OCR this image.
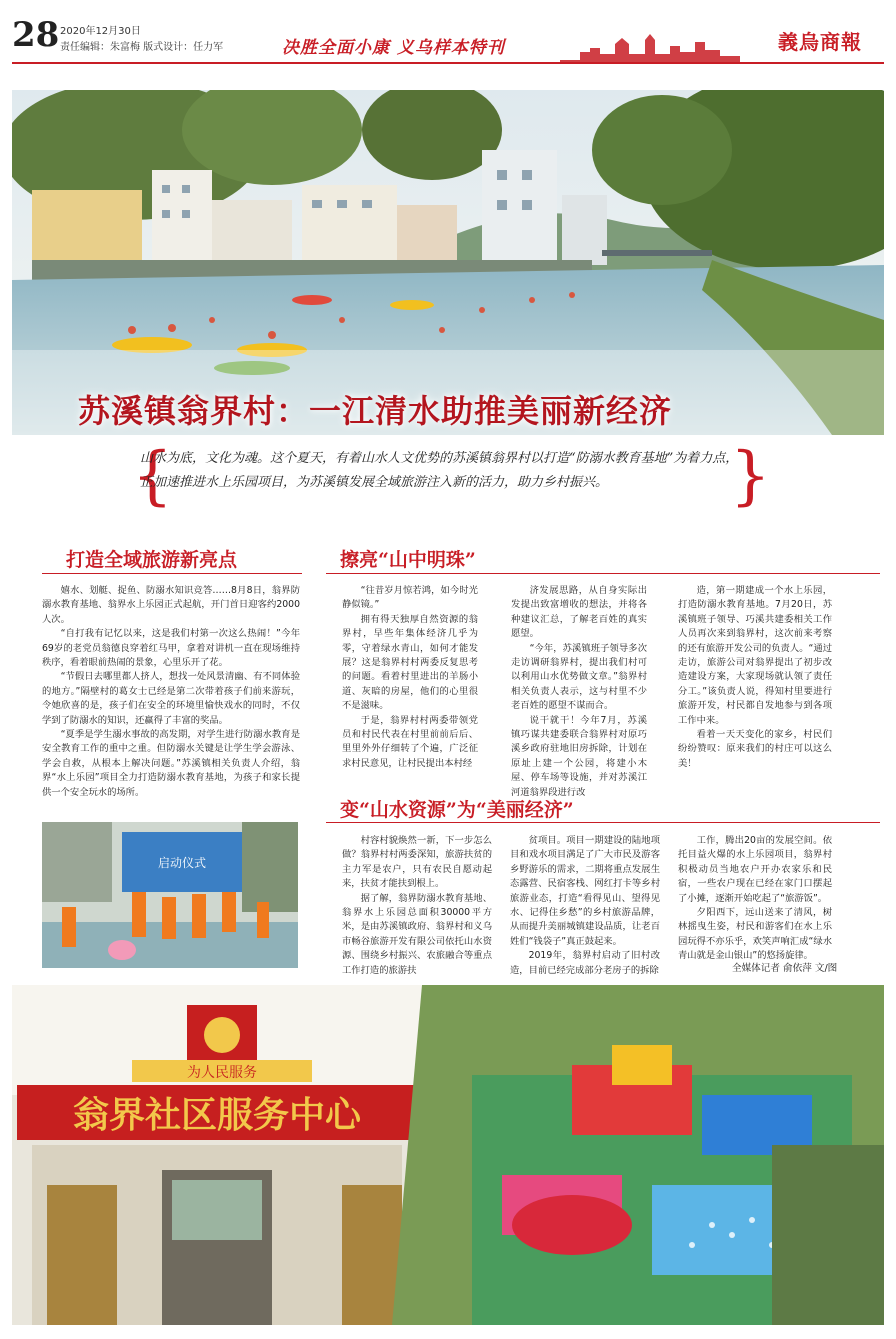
28 2020年12月30日
责任编辑：朱富梅 版式设计：任力军	决胜全面小康 义乌样本特刊	義烏商報
苏溪镇翁界村：一江清水助推美丽新经济
{	}
山水为底，文化为魂。这个夏天，有着山水人文优势的苏溪镇翁界村以打造“防溺水教育基地”为着力点，正加速推进水上乐园项目，为苏溪镇发展全域旅游注入新的活力，助力乡村振兴。
打造全域旅游新亮点

嬉水、划艇、捉鱼、防溺水知识竞答……8月8日，翁界防溺水教育基地、翁界水上乐园正式起航，开门首日迎客约2000人次。

“自打我有记忆以来，这是我们村第一次这么热闹！”今年69岁的老党员翁德良穿着红马甲，拿着对讲机一直在现场维持秩序，看着眼前热闹的景象，心里乐开了花。

“节假日去哪里都人挤人，想找一处风景清幽、有不同体验的地方。”隔壁村的葛女士已经是第二次带着孩子们前来游玩，令她欣喜的是，孩子们在安全的环境里愉快戏水的同时，不仅学到了防溺水的知识，还赢得了丰富的奖品。

“夏季是学生溺水事故的高发期，对学生进行防溺水教育是安全教育工作的重中之重。但防溺水关键是让学生学会游泳、学会自救，从根本上解决问题。”苏溪镇相关负责人介绍，翁界“水上乐园”项目全力打造防溺水教育基地，为孩子和家长提供一个安全玩水的场所。

启动仪式
擦亮“山中明珠”

“往昔岁月惊若鸿，如今时光静似镜。”

拥有得天独厚自然资源的翁界村，早些年集体经济几乎为零，守着绿水青山，如何才能发展？这是翁界村村两委反复思考的问题。看着村里进出的羊肠小道、灰暗的房屋，他们的心里很不是滋味。

于是，翁界村村两委带领党员和村民代表在村里前前后后、里里外外仔细转了个遍，广泛征求村民意见，让村民提出本村经

济发展思路，从自身实际出发提出致富增收的想法，并将各种建议汇总，了解老百姓的真实愿望。

“今年，苏溪镇班子领导多次走访调研翁界村，提出我们村可以利用山水优势做文章。”翁界村相关负责人表示，这与村里不少老百姓的愿望不谋而合。

说干就干！今年7月，苏溪镇巧谋共建委联合翁界村对原巧溪乡政府驻地旧房拆除，计划在原址上建一个公园，将建小木屋、停车场等设施，并对苏溪江河道翁界段进行改

造，第一期建成一个水上乐园，打造防溺水教育基地。7月20日，苏溪镇班子领导、巧溪共建委相关工作人员再次来到翁界村，这次前来考察的还有旅游开发公司的负责人。“通过走访，旅游公司对翁界提出了初步改造建设方案，大家现场就认领了责任分工。”该负责人说，得知村里要进行旅游开发，村民都自发地参与到各项工作中来。

看着一天天变化的家乡，村民们纷纷赞叹：原来我们的村庄可以这么美！

变“山水资源”为“美丽经济”

村容村貌焕然一新，下一步怎么做？翁界村村两委深知，旅游扶贫的主力军是农户，只有农民自愿动起来，扶贫才能扶到根上。

据了解，翁界防溺水教育基地、翁界水上乐园总面积30000平方米，是由苏溪镇政府、翁界村和义乌市畅谷旅游开发有限公司依托山水资源、围绕乡村振兴、农旅融合等重点工作打造的旅游扶

贫项目。项目一期建设的陆地项目和戏水项目满足了广大市民及游客乡野游乐的需求，二期将重点发展生态露营、民宿客栈、网红打卡等乡村旅游业态，打造“看得见山、望得见水、记得住乡愁”的乡村旅游品牌，从而提升美丽城镇建设品质，让老百姓们“钱袋子”真正鼓起来。

2019年，翁界村启动了旧村改造，目前已经完成部分老房子的拆除

工作，腾出20亩的发展空间。依托目益火爆的水上乐园项目，翁界村积极动员当地农户开办农家乐和民宿，一些农户现在已经在家门口摆起了小摊，逐渐开始吃起了“旅游饭”。

夕阳西下，远山送来了清风，树林摇曳生姿，村民和游客们在水上乐园玩得不亦乐乎，欢笑声响汇成“绿水青山就是金山银山”的悠扬旋律。

全媒体记者 俞依萍 文/图
为人民服务
翁界社区服务中心
